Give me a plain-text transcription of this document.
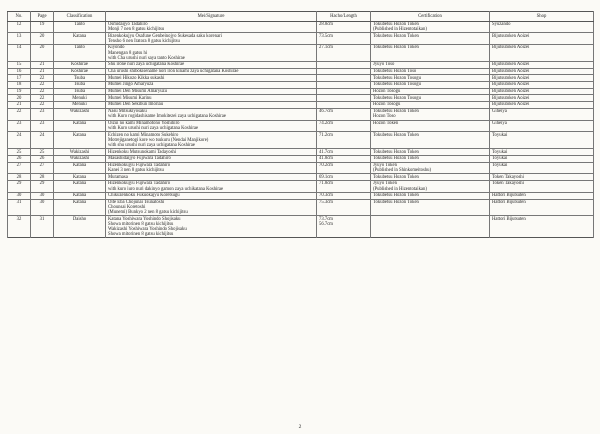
No.	Page	Classification	Mei/Signature	Hacho/Length	Certification	Shop
12	19	Tanto	Osmidaijyo Tadahiro
Monji 7 nen 8 gatsu kichijitsu	28.8cm	Tokubetsu Hozon Token
(Published in Hizentotaikan)	Syuzando
13	20	Katana	Bizenkokujyu Osafune Genbeinojyo Sukesada saku korenari
Tensho 6 nen Iratora 8 gatsu kichijitsu	73.5cm	Tokubetsu Hozon Token	Bijutsutoken Aoizei
14	20	Tanto	Kiyondo
Manengan 8 gatsu hi
with Cha urushi nuri saya tanto Koshirae	27.1cm	Tokubetsu Hozon Token	Bijutsutoken Aoizei
15	21	Koshirae	Shu irone nuri zaya uchigatana Koshirae		Jyuyo Toso	Bijutsutoken Aoizei
16	21	Koshirae	Cha urushi shibokisename nori iron kinami zaya uchigatana Koshirae		Tokubetsu Hozon Toso	Bijutsutoken Aoizei
17	22	Tsuba	Mumei Hikozo Kikka sukashi		Tokubetsu Hozon Tosogu	Bijutsutoken Aoizei
18	22	Tsuba	Mumei Jingo Amaryuza		Tokubetsu Hozon Tosogu	Bijutsutoken Aoizei
19	22	Tsuba	Mumei Den Misumi Amaryuzu		Hozon Tosogu	Bijutsutoken Aoizei
20	22	Menuki	Mumei Misumi Karinu		Tokubetsu Hozon Tosogu	Bijutsutoken Aoizei
21	22	Menuki	Mumei Den Sekibun Imoriau		Hozon Tosogu	Bijutsutoken Aoizei
22	23	Wakizashi	Nasu Mitsukiyosaku
with Kuro rogidashisame Imokitezei zaya uchigatana Koshirae	46.7cm	Tokubetsu Hozon Token
Hozon Toso	Giheiya
23	23	Katana	Oizui no kami Minamotono Yoshihiro
with Kuro urushi nuri zaya uchigatana Koshirae	74.2cm	Hozon Token	Giheiya
24	24	Katana	Echizen no kami Minamoto Sukehiro
Motrejiganetogi kore wo tsukuru (Nendai Manjikore)
with shu urushi nuri zaya uchigatana Koshirae	71.2cm	Tokubetsu Hozon Token	Toyukai
25	25	Wakizashi	Hizenkoku Mutsunokami Tadayoshi	41.7cm	Tokubetsu Hozon Token	Toyukai
26	26	Wakizashi	Masashidaijyo Fujiwara Tadahiro	41.8cm	Tokubetsu Hozon Token	Toyukai
27	27	Katana	Hizenkokujyu Fujiwara Tadahiro
Kanei 3 nen 8 gatsu kichijitsu	70.2cm	Jyuyo Token
(Published in Shinkomeitoshu)	Toyukai
28	28	Katana	Muramasa	69.1cm	Tokubetsu Hozon Token	Token Takayoshi
29	29	Katana	Hizenkokujyu Fujiwara Tadahiro
with kuro iuro nuri dakinyo gamon zaya uchikatana Koshirae	71.8cm	Jyuyo Token
(Published in Hizentotaikan)	Token Takayoshi
30	30	Katana	Chikuzenkoku Fukuokajyu Koretsugu	70.3cm	Tokubetsu Hozon Token	Hattori Bijutsuten
31	30	Katana	Oite Eba Chojunai Tsunatoshi
Chounsai Koretoshi
(Munemi) Bunkyo 2 nen 8 gatsu kichijitsu	75.3cm	Tokubetsu Hozon Token	Hattori Bijutsuten
32	31	Daisho	Katana Yoshiwara Yoshindo Shojisaku
Showa mitorinen 8 gatsu kichijitsu
Wakizashi Yoshiwara Yoshindo Shojisaku
Showa mitorinen 8 gatsu kichijitsu	73.7cm
56.7cm		Hattori Bijutsuten
2
